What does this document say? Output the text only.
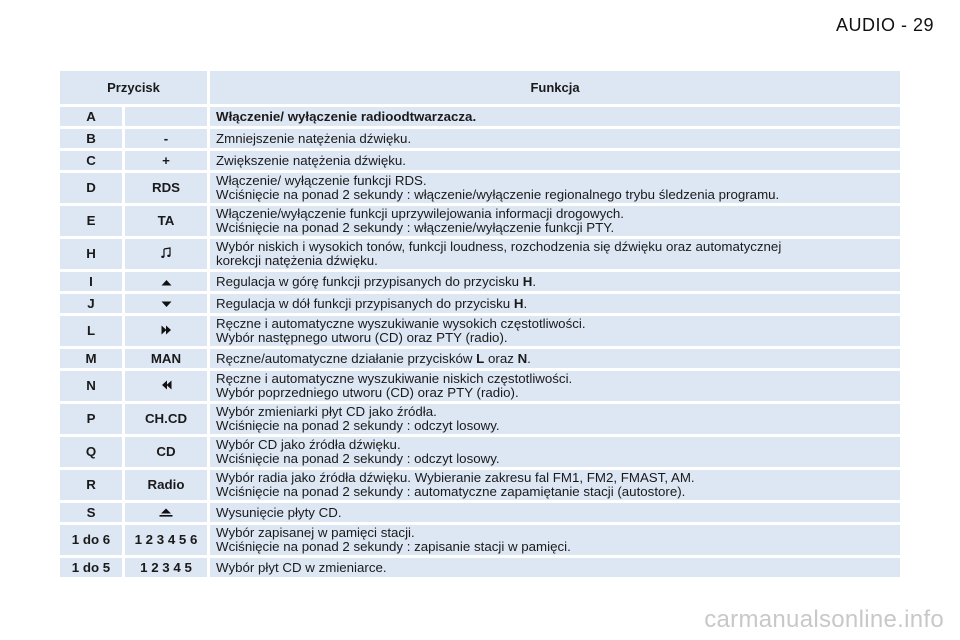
AUDIO - 29
Przycisk		Funkcja
A		Włączenie/ wyłączenie radioodtwarzacza.

B	-	Zmniejszenie natężenia dźwięku.

C	+	Zwiększenie natężenia dźwięku.

D	RDS	Włączenie/ wyłączenie funkcji RDS.
Wciśnięcie na ponad 2 sekundy : włączenie/wyłączenie regionalnego trybu śledzenia programu.

E	TA	Włączenie/wyłączenie funkcji uprzywilejowania informacji drogowych.
Wciśnięcie na ponad 2 sekundy : włączenie/wyłączenie funkcji PTY.

H		Wybór niskich i wysokich tonów, funkcji loudness, rozchodzenia się dźwięku oraz automatycznej
korekcji natężenia dźwięku.

I		Regulacja w górę funkcji przypisanych do przycisku H.

J		Regulacja w dół funkcji przypisanych do przycisku H.

L		Ręczne i automatyczne wyszukiwanie wysokich częstotliwości.
Wybór następnego utworu (CD) oraz PTY (radio).

M	MAN	Ręczne/automatyczne działanie przycisków L oraz N.

N		Ręczne i automatyczne wyszukiwanie niskich częstotliwości.
Wybór poprzedniego utworu (CD) oraz PTY (radio).

P	CH.CD	Wybór zmieniarki płyt CD jako źródła.
Wciśnięcie na ponad 2 sekundy : odczyt losowy.

Q	CD	Wybór CD jako źródła dźwięku.
Wciśnięcie na ponad 2 sekundy : odczyt losowy.

R	Radio	Wybór radia jako źródła dźwięku. Wybieranie zakresu fal FM1, FM2, FMAST, AM.
Wciśnięcie na ponad 2 sekundy : automatyczne zapamiętanie stacji (autostore).

S		Wysunięcie płyty CD.

1 do 6	1 2 3 4 5 6	Wybór zapisanej w pamięci stacji.
Wciśnięcie na ponad 2 sekundy : zapisanie stacji w pamięci.

1 do 5	1 2 3 4 5	Wybór płyt CD w zmieniarce.
carmanualsonline.info
